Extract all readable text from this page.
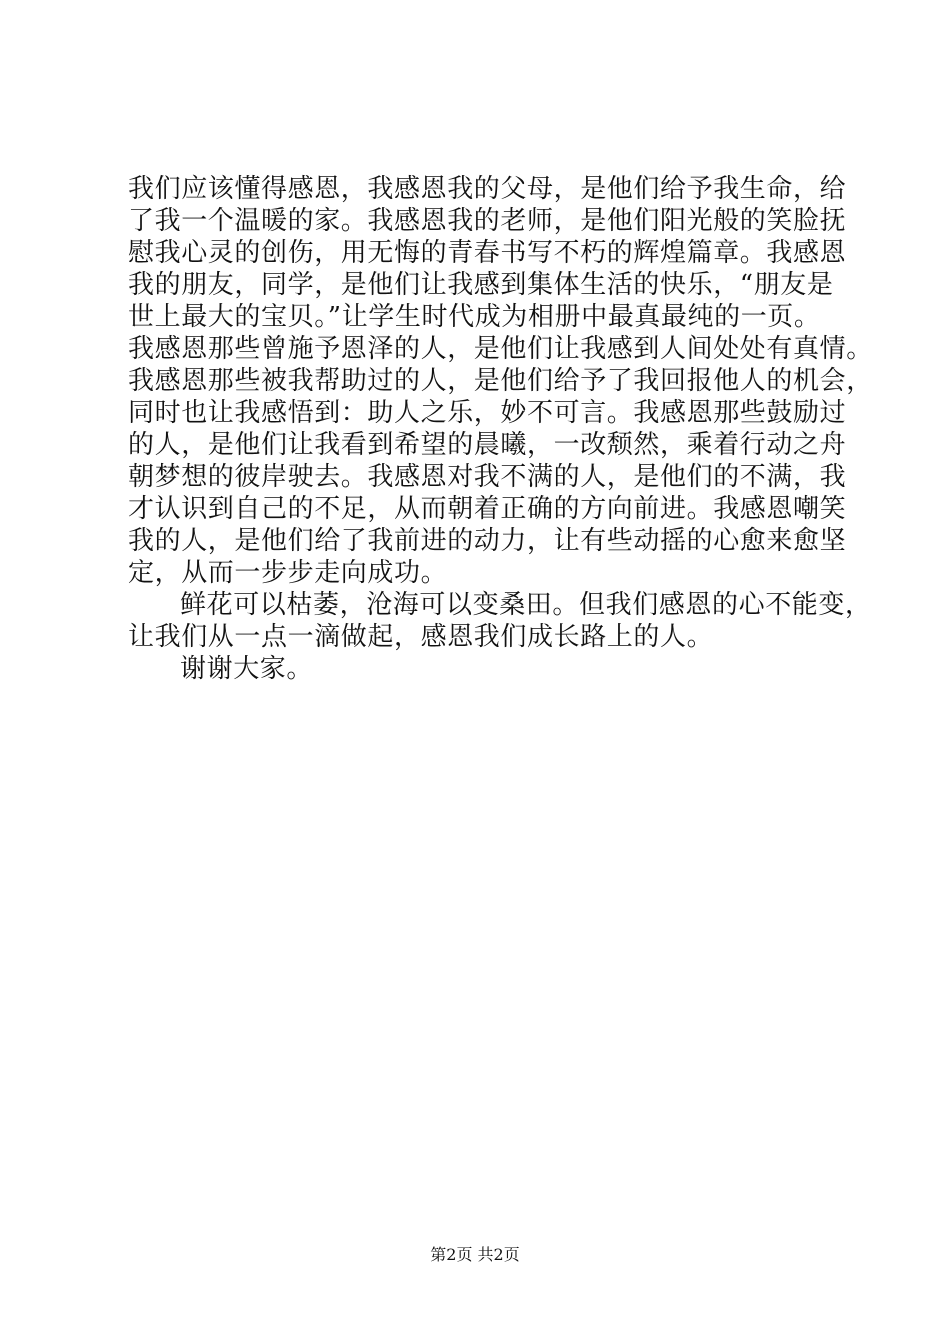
我们应该懂得感恩，我感恩我的父母，是他们给予我生命，给
了我一个温暖的家。我感恩我的老师，是他们阳光般的笑脸抚
慰我心灵的创伤，用无悔的青春书写不朽的辉煌篇章。我感恩
我的朋友，同学，是他们让我感到集体生活的快乐，“朋友是
世上最大的宝贝。”让学生时代成为相册中最真最纯的一页。
我感恩那些曾施予恩泽的人，是他们让我感到人间处处有真情。
我感恩那些被我帮助过的人，是他们给予了我回报他人的机会，
同时也让我感悟到：助人之乐，妙不可言。我感恩那些鼓励过
的人，是他们让我看到希望的晨曦，一改颓然，乘着行动之舟
朝梦想的彼岸驶去。我感恩对我不满的人，是他们的不满，我
才认识到自己的不足，从而朝着正确的方向前进。我感恩嘲笑
我的人，是他们给了我前进的动力，让有些动摇的心愈来愈坚
定，从而一步步走向成功。
鲜花可以枯萎，沧海可以变桑田。但我们感恩的心不能变，
让我们从一点一滴做起，感恩我们成长路上的人。
谢谢大家。
第2页 共2页
